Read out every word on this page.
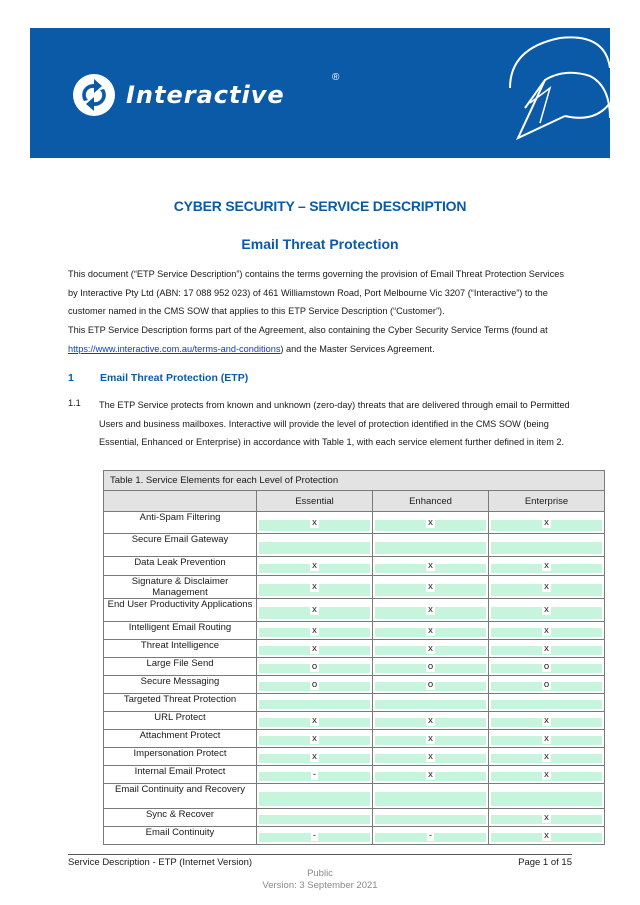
Interactive
®
CYBER SECURITY – SERVICE DESCRIPTION
Email Threat Protection
This document (“ETP Service Description”) contains the terms governing the provision of Email Threat Protection Services by Interactive Pty Ltd (ABN: 17 088 952 023) of 461 Williamstown Road, Port Melbourne Vic 3207 (“Interactive”) to the customer named in the CMS SOW that applies to this ETP Service Description (“Customer”).
This ETP Service Description forms part of the Agreement, also containing the Cyber Security Service Terms (found at https://www.interactive.com.au/terms-and-conditions) and the Master Services Agreement.
1 Email Threat Protection (ETP)
1.1 The ETP Service protects from known and unknown (zero-day) threats that are delivered through email to Permitted Users and business mailboxes. Interactive will provide the level of protection identified in the CMS SOW (being Essential, Enhanced or Enterprise) in accordance with Table 1, with each service element further defined in item 2.
Table 1. Service Elements for each Level of Protection			
	Essential	Enhanced	Enterprise
Anti-Spam Filtering	x	x	x

Secure Email Gateway	

Data Leak Prevention	x	x	x

Signature & Disclaimer Management	x	x	x

End User Productivity Applications	x	x	x

Intelligent Email Routing	x	x	x

Threat Intelligence	x	x	x

Large File Send	o	o	o

Secure Messaging	o	o	o

Targeted Threat Protection	

URL Protect	x	x	x

Attachment Protect	x	x	x

Impersonation Protect	x	x	x

Internal Email Protect	-	x	x

Email Continuity and Recovery	

Sync & Recover			x

Email Continuity	-	-	x
Service Description - ETP (Internet Version)	Page 1 of 15
Public
Version: 3 September 2021
